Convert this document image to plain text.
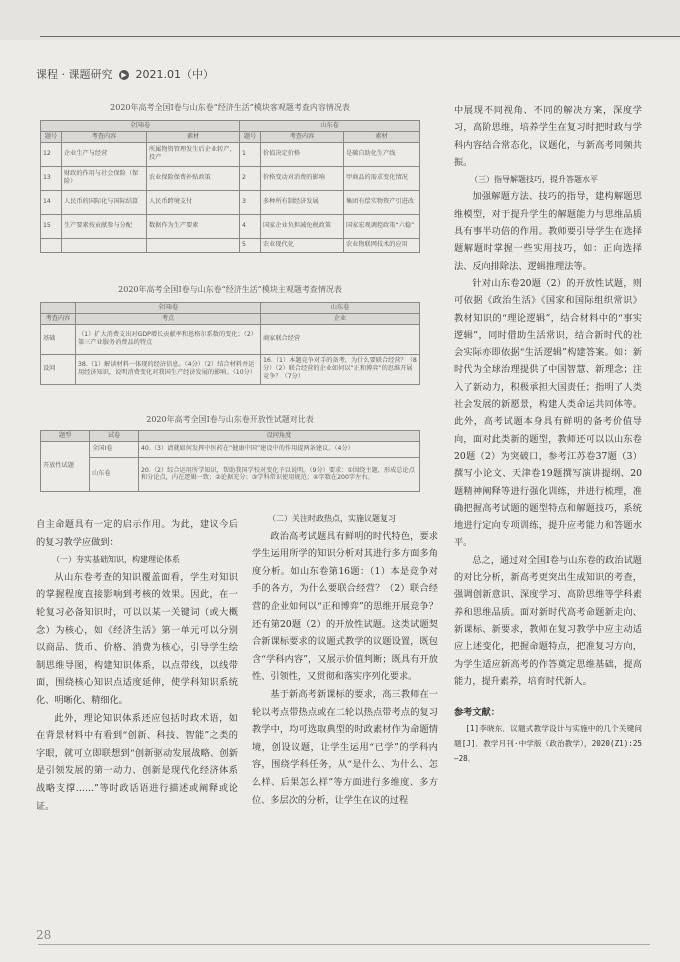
课程 · 课题研究 ▶ 2021.01（中）
2020年高考全国Ⅰ卷与山东卷“经济生活”模块客观题考查内容情况表
全国Ⅰ卷			山东卷		
题号	考查内容	素材	题号	考查内容	素材
12	企业生产与经营	所属物资管理发生后企业转产、投产	1	价值决定价格	是碳自助化生产线
13	财政的作用与社会保险（保险）	农业保险保费补贴政策	2	价格变动对消费的影响	甲商品的需求变化情况
14	人民币的国际化与国际结算	人民币跨境支付	3	多种所有制经济发展	集团有偿实物资产引进改
15	生产要素按贡献参与分配	数据作为生产要素	4	国家企业负担减免税政策	国家宏观调控政策“六稳”
			5	农业现代化	农业物联网技术的应用
2020年高考全国Ⅰ卷与山东卷“经济生活”模块主观题考查情况表
	全国Ⅰ卷	山东卷
考查内容	考点	企业
基础	（1）扩大消费支出对GDP增长贡献率和恩格尔系数的变化；（2）第三产业服务消费品的特点	商家联合经营
设问	38.（1）解读材料一体现的经济信息。（4分）（2）结合材料并运用经济知识，说明消费变化对我国生产经济发展的影响。（10分）	16.（1）本题竞争对手的备考，为什么要联合经营？（8分）（2）联合经营的企业如何以“正和博弈”的思维开展竞争？（7分）
2020年高考全国Ⅰ卷与山东卷开放性试题对比表
题型	试卷	设问角度
开放性试题	全国Ⅰ卷	40.（3）请就如何发挥中医药在“健康中国”建设中的作用提两条建议。（4分）
	山东卷	20.（2）综合运用所学知识，帮助我国学校对变化予以说明。（9分）要求：①围绕主题，形成总论点和分论点，内在逻辑一致；②论据充分；③学科常识使用规范；④字数在200字左右。

自主命题具有一定的启示作用。为此，建议今后的复习教学应做到：

（一）夯实基础知识，构建理论体系

从山东卷考查的知识覆盖面看，学生对知识的掌握程度直接影响到考核的效果。因此，在一轮复习必备知识时，可以以某一关键词（或大概念）为核心，如《经济生活》第一单元可以分别以商品、货币、价格、消费为核心，引导学生绘制思维导图，构建知识体系，以点带线，以线带面，围绕核心知识点适度延伸，使学科知识系统化、明晰化、精细化。

此外，理论知识体系还应包括时政术语，如在背景材料中有看到“创新、科技、智能”之类的字眼，就可立即联想到“创新驱动发展战略、创新是引领发展的第一动力、创新是现代化经济体系战略支撑……”等时政话语进行描述或阐释或论证。

（二）关注时政热点，实施议题复习

政治高考试题具有鲜明的时代特色，要求学生运用所学的知识分析对其进行多方面多角度分析。如山东卷第16题：（1）本是竞争对手的各方，为什么要联合经营？（2）联合经营的企业如何以“正和博弈”的思维开展竞争？还有第20题（2）的开放性试题。这类试题契合新课标要求的议题式教学的议题设置，既包含“学科内容”，又展示价值判断；既具有开放性、引领性，又贯彻和落实序列化要求。

基于新高考新课标的要求，高三教师在一轮以考点带热点或在二轮以热点带考点的复习教学中，均可选取典型的时政素材作为命题情境，创设议题，让学生运用“已学”的学科内容，围绕学科任务，从“是什么、为什么、怎么样、后果怎么样”等方面进行多维度、多方位、多层次的分析，让学生在议的过程

中展现不同视角、不同的解决方案，深度学习，高阶思维，培养学生在复习时把时政与学科内容结合常态化，议题化，与新高考同频共振。

（三）指导解题技巧，提升答题水平

加强解题方法、技巧的指导，建构解题思维模型，对于提升学生的解题能力与思维品质具有事半功倍的作用。教师要引导学生在选择题解题时掌握一些实用技巧，如：正向选择法、反向排除法、逻辑推理法等。

针对山东卷20题（2）的开放性试题，则可依据《政治生活》《国家和国际组织常识》教材知识的“理论逻辑”，结合材料中的“事实逻辑”，同时借助生活常识，结合新时代的社会实际亦即依据“生活逻辑”构建答案。如：新时代为全球治理提供了中国智慧、新理念；注入了新动力，积极承担大国责任；指明了人类社会发展的新愿景，构建人类命运共同体等。此外，高考试题本身具有鲜明的备考价值导向，面对此类新的题型，教师还可以以山东卷20题（2）为突破口，参考江苏卷37题（3）撰写小论文、天津卷19题撰写演讲提纲、20题精神阐释等进行强化训练，并进行梳理，准确把握高考试题的题型特点和解题技巧，系统地进行定向专项训练，提升应考能力和答题水平。

总之，通过对全国Ⅰ卷与山东卷的政治试题的对比分析，新高考更突出生成知识的考查，强调创新意识、深度学习、高阶思维等学科素养和思维品质。面对新时代高考命题新走向、新课标、新要求，教师在复习教学中应主动适应上述变化，把握命题特点，把准复习方向，为学生适应新高考的作答奠定思维基础，提高能力，提升素养，培育时代新人。

参考文献：

[1]李晓东．议题式教学设计与实施中的几个关键问题[J]．教学月刊·中学版（政治教学），2020(Z1):25—28．

28
